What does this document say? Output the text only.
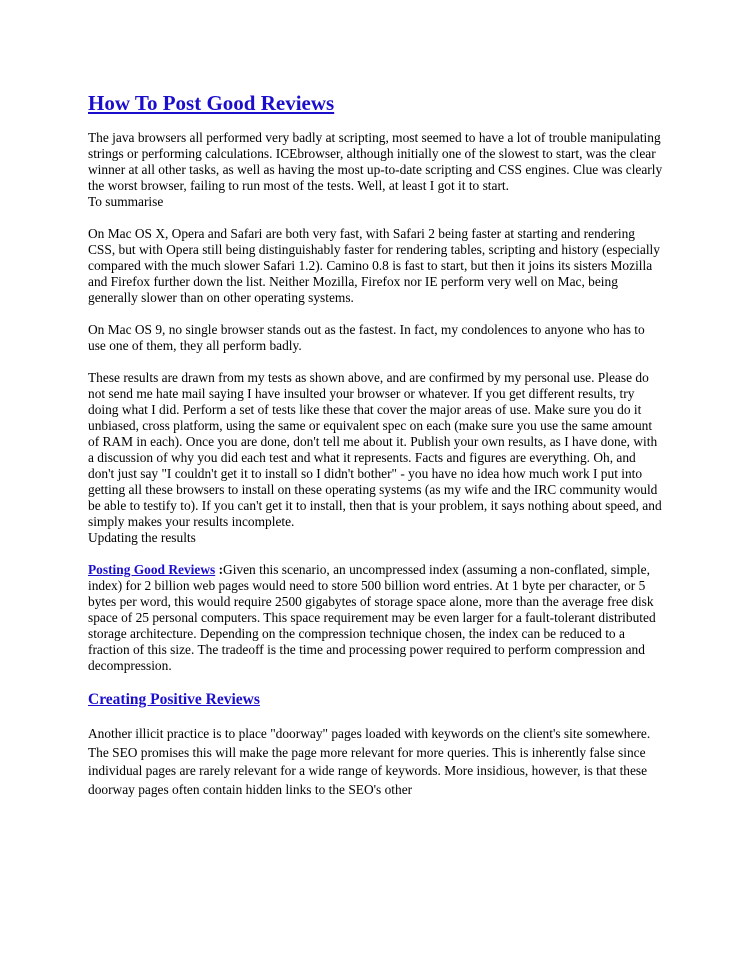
How To Post Good Reviews

The java browsers all performed very badly at scripting, most seemed to have a lot of trouble manipulating strings or performing calculations. ICEbrowser, although initially one of the slowest to start, was the clear winner at all other tasks, as well as having the most up-to-date scripting and CSS engines. Clue was clearly the worst browser, failing to run most of the tests. Well, at least I got it to start.
To summarise

On Mac OS X, Opera and Safari are both very fast, with Safari 2 being faster at starting and rendering CSS, but with Opera still being distinguishably faster for rendering tables, scripting and history (especially compared with the much slower Safari 1.2). Camino 0.8 is fast to start, but then it joins its sisters Mozilla and Firefox further down the list. Neither Mozilla, Firefox nor IE perform very well on Mac, being generally slower than on other operating systems.

On Mac OS 9, no single browser stands out as the fastest. In fact, my condolences to anyone who has to use one of them, they all perform badly.

These results are drawn from my tests as shown above, and are confirmed by my personal use. Please do not send me hate mail saying I have insulted your browser or whatever. If you get different results, try doing what I did. Perform a set of tests like these that cover the major areas of use. Make sure you do it unbiased, cross platform, using the same or equivalent spec on each (make sure you use the same amount of RAM in each). Once you are done, don't tell me about it. Publish your own results, as I have done, with a discussion of why you did each test and what it represents. Facts and figures are everything. Oh, and don't just say "I couldn't get it to install so I didn't bother" - you have no idea how much work I put into getting all these browsers to install on these operating systems (as my wife and the IRC community would be able to testify to). If you can't get it to install, then that is your problem, it says nothing about speed, and simply makes your results incomplete.
Updating the results

Posting Good Reviews :Given this scenario, an uncompressed index (assuming a non-conflated, simple, index) for 2 billion web pages would need to store 500 billion word entries. At 1 byte per character, or 5 bytes per word, this would require 2500 gigabytes of storage space alone, more than the average free disk space of 25 personal computers. This space requirement may be even larger for a fault-tolerant distributed storage architecture. Depending on the compression technique chosen, the index can be reduced to a fraction of this size. The tradeoff is the time and processing power required to perform compression and decompression.

Creating Positive Reviews

Another illicit practice is to place "doorway" pages loaded with keywords on the client's site somewhere. The SEO promises this will make the page more relevant for more queries. This is inherently false since individual pages are rarely relevant for a wide range of keywords. More insidious, however, is that these doorway pages often contain hidden links to the SEO's other
